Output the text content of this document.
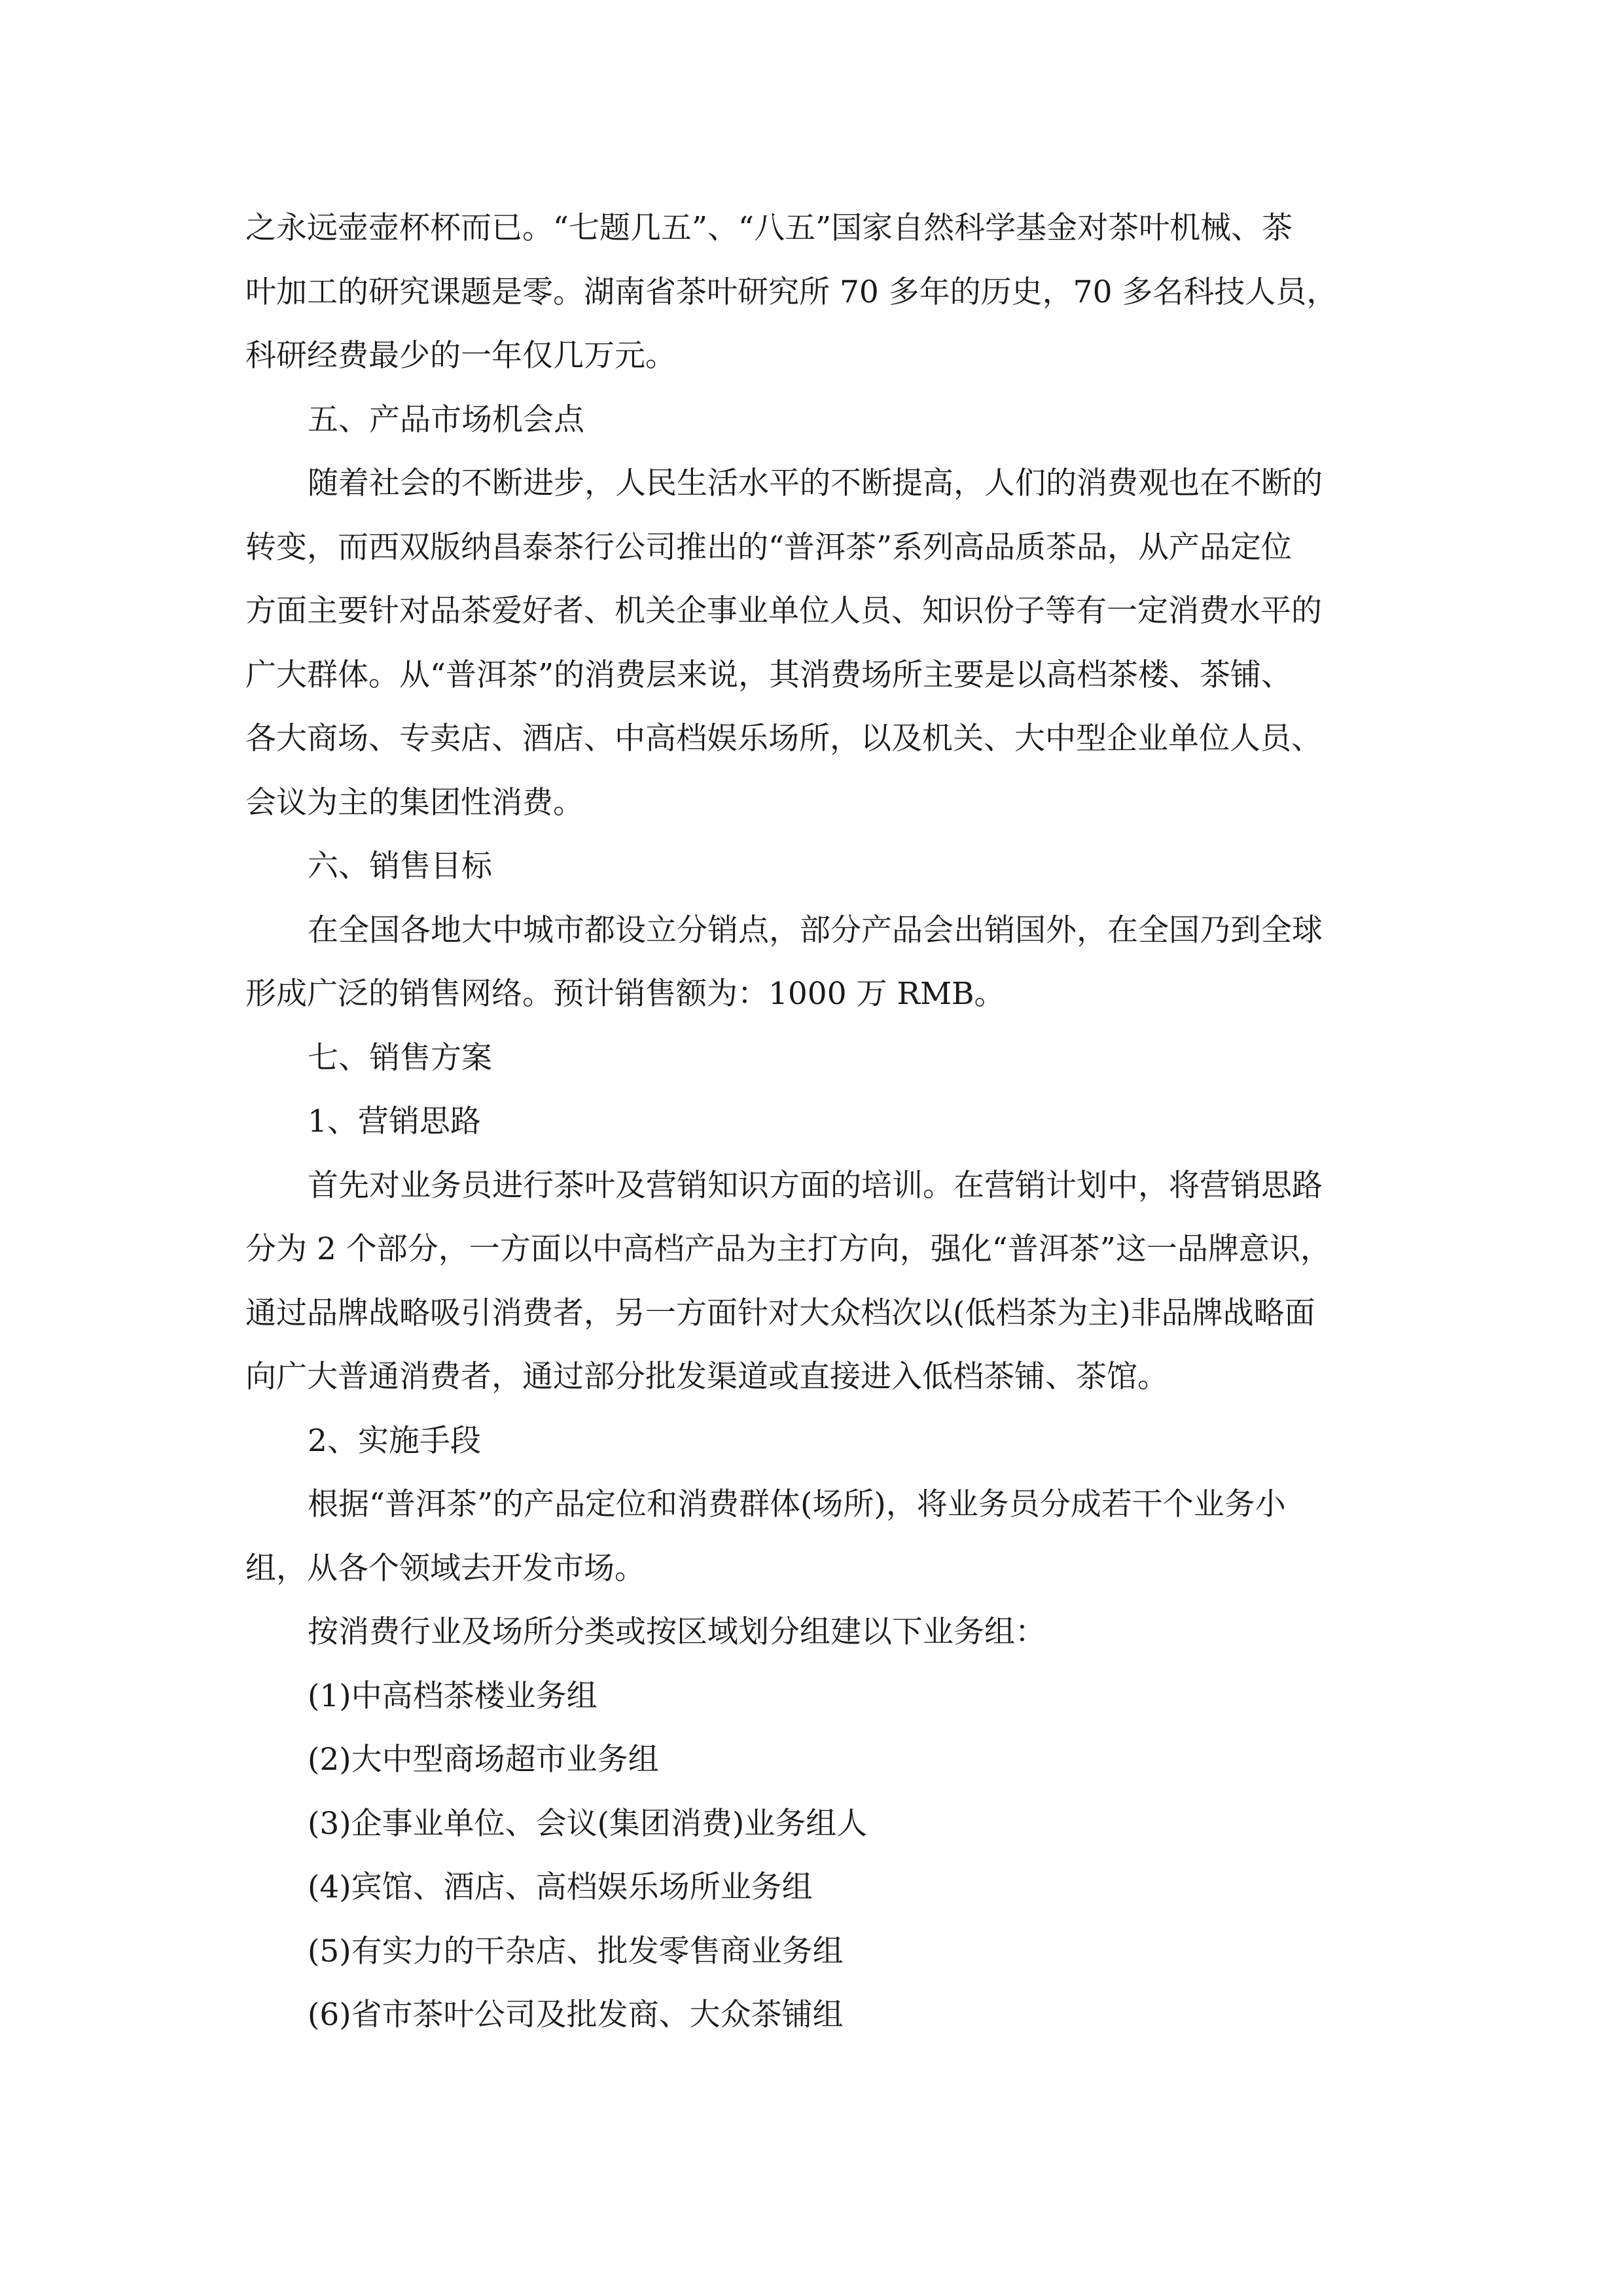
之永远壶壶杯杯而已。“七题几五”、“八五”国家自然科学基金对茶叶机械、茶

叶加工的研究课题是零。湖南省茶叶研究所 70 多年的历史，70 多名科技人员，

科研经费最少的一年仅几万元。

五、产品市场机会点

随着社会的不断进步，人民生活水平的不断提高，人们的消费观也在不断的

转变，而西双版纳昌泰茶行公司推出的“普洱茶”系列高品质茶品，从产品定位

方面主要针对品茶爱好者、机关企事业单位人员、知识份子等有一定消费水平的

广大群体。从“普洱茶”的消费层来说，其消费场所主要是以高档茶楼、茶铺、

各大商场、专卖店、酒店、中高档娱乐场所，以及机关、大中型企业单位人员、

会议为主的集团性消费。

六、销售目标

在全国各地大中城市都设立分销点，部分产品会出销国外，在全国乃到全球

形成广泛的销售网络。预计销售额为：1000 万 RMB。

七、销售方案

1、营销思路

首先对业务员进行茶叶及营销知识方面的培训。在营销计划中，将营销思路

分为 2 个部分，一方面以中高档产品为主打方向，强化“普洱茶”这一品牌意识，

通过品牌战略吸引消费者，另一方面针对大众档次以(低档茶为主)非品牌战略面

向广大普通消费者，通过部分批发渠道或直接进入低档茶铺、茶馆。

2、实施手段

根据“普洱茶”的产品定位和消费群体(场所)，将业务员分成若干个业务小

组，从各个领域去开发市场。

按消费行业及场所分类或按区域划分组建以下业务组：

(1)中高档茶楼业务组

(2)大中型商场超市业务组

(3)企事业单位、会议(集团消费)业务组人

(4)宾馆、酒店、高档娱乐场所业务组

(5)有实力的干杂店、批发零售商业务组

(6)省市茶叶公司及批发商、大众茶铺组
